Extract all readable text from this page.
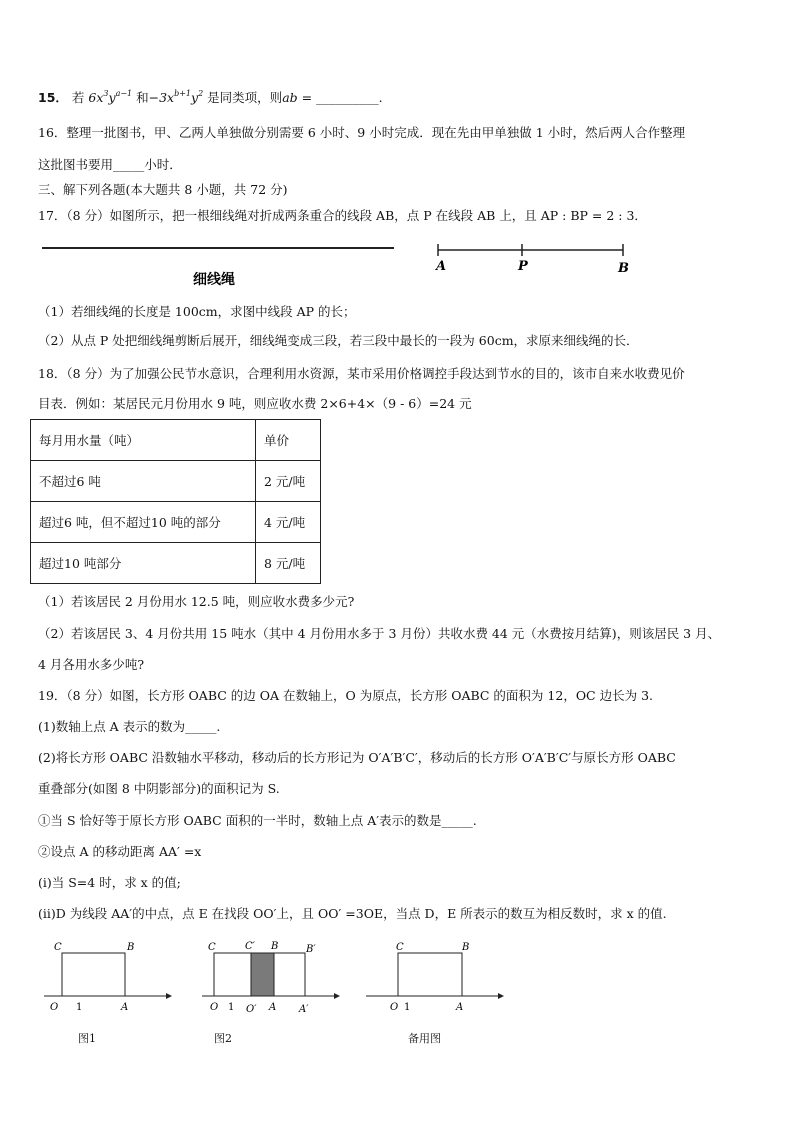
15． 若 $6x^3y^{a-1}$ 和$-3x^{b+1}y^2$ 是同类项，则ab = __________.
16．整理一批图书，甲、乙两人单独做分别需要 6 小时、9 小时完成．现在先由甲单独做 1 小时，然后两人合作整理
这批图书要用_____小时．
三、解下列各题(本大题共 8 小题，共 72 分)
17．（8 分）如图所示，把一根细线绳对折成两条重合的线段 AB，点 P 在线段 AB 上，且 AP : BP = 2 : 3．
细线绳
A	P	B
（1）若细线绳的长度是 100cm，求图中线段 AP 的长；
（2）从点 P 处把细线绳剪断后展开，细线绳变成三段，若三段中最长的一段为 60cm，求原来细线绳的长．
18．（8 分）为了加强公民节水意识，合理利用水资源，某市采用价格调控手段达到节水的目的，该市自来水收费见价
目表．例如：某居民元月份用水 9 吨，则应收水费 2×6+4×（9 - 6）=24 元
每月用水量（吨）	单价
不超过6 吨	2 元/吨
超过6 吨，但不超过10 吨的部分	4 元/吨
超过10 吨部分	8 元/吨
（1）若该居民 2 月份用水 12.5 吨，则应收水费多少元?
（2）若该居民 3、4 月份共用 15 吨水（其中 4 月份用水多于 3 月份）共收水费 44 元（水费按月结算)，则该居民 3 月、
4 月各用水多少吨?
19．（8 分）如图，长方形 OABC 的边 OA 在数轴上，O 为原点，长方形 OABC 的面积为 12，OC 边长为 3.
(1)数轴上点 A 表示的数为_____.
(2)将长方形 OABC 沿数轴水平移动，移动后的长方形记为 O′A′B′C′，移动后的长方形 O′A′B′C′与原长方形 OABC
重叠部分(如图 8 中阴影部分)的面积记为 S.
①当 S 恰好等于原长方形 OABC 面积的一半时，数轴上点 A′表示的数是_____.
②设点 A 的移动距离 AA′ =x
(ⅰ)当 S=4 时，求 x 的值;
(ⅱ)D 为线段 AA′的中点，点 E 在找段 OO′上，且 OO′ =3OE，当点 D，E 所表示的数互为相反数时，求 x 的值.
C	B
O 1	A
图1
C	C′ B	B′
O 1 O′ A A′
图2
C	B
O 1	A
备用图
